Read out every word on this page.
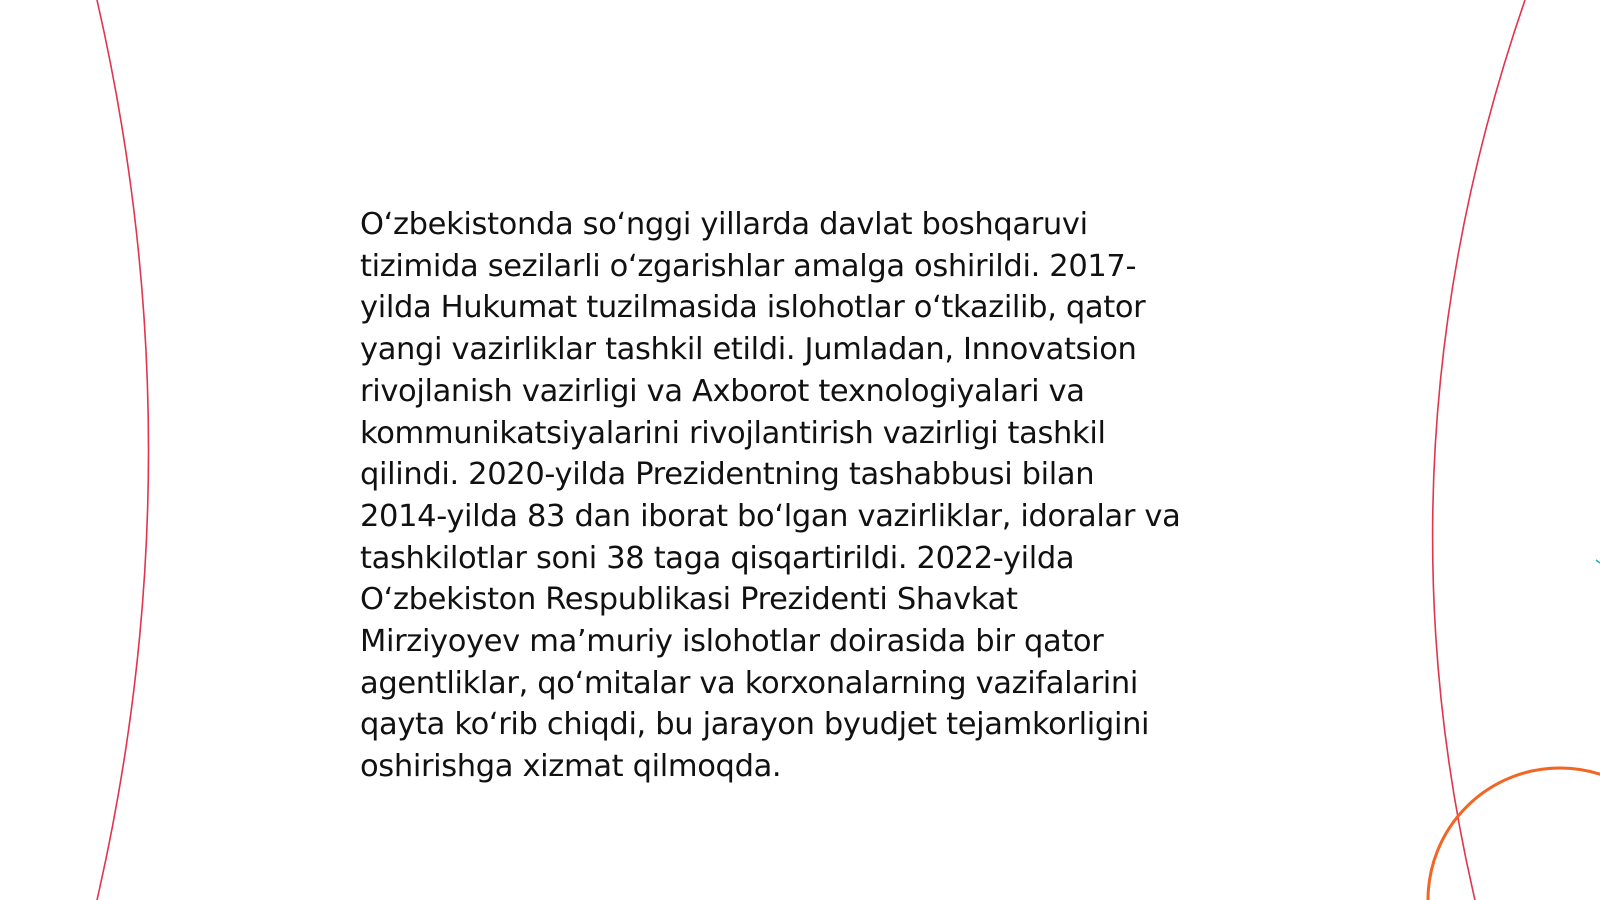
O‘zbekistonda so‘nggi yillarda davlat boshqaruvi
tizimida sezilarli o‘zgarishlar amalga oshirildi. 2017-
yilda Hukumat tuzilmasida islohotlar o‘tkazilib, qator
yangi vazirliklar tashkil etildi. Jumladan, Innovatsion
rivojlanish vazirligi va Axborot texnologiyalari va
kommunikatsiyalarini rivojlantirish vazirligi tashkil
qilindi. 2020-yilda Prezidentning tashabbusi bilan
2014-yilda 83 dan iborat bo‘lgan vazirliklar, idoralar va
tashkilotlar soni 38 taga qisqartirildi. 2022-yilda
O‘zbekiston Respublikasi Prezidenti Shavkat
Mirziyoyev ma’muriy islohotlar doirasida bir qator
agentliklar, qo‘mitalar va korxonalarning vazifalarini
qayta ko‘rib chiqdi, bu jarayon byudjet tejamkorligini
oshirishga xizmat qilmoqda.
